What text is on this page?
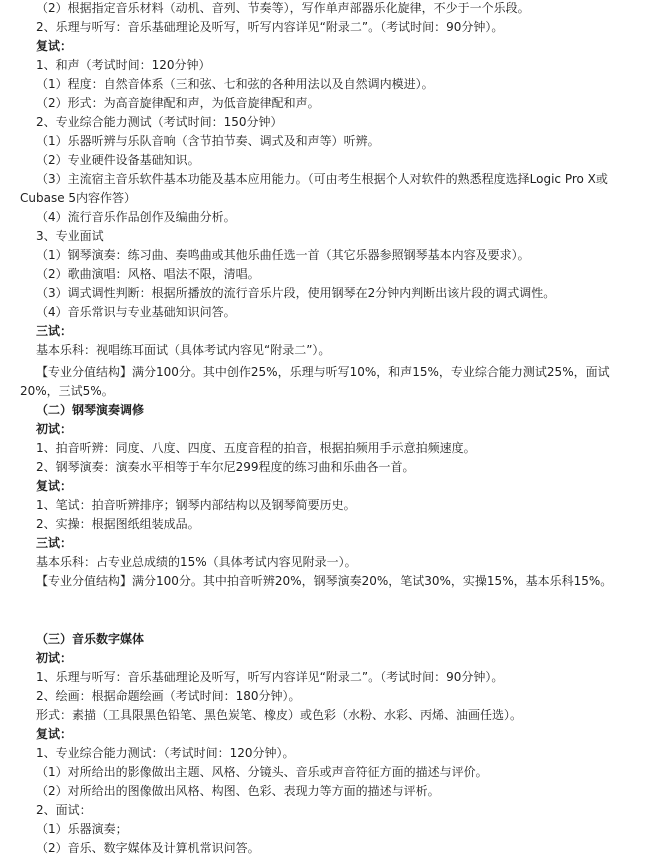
（2）根据指定音乐材料（动机、音列、节奏等），写作单声部器乐化旋律，不少于一个乐段。
2、乐理与听写：音乐基础理论及听写，听写内容详见“附录二”。（考试时间：90分钟）。
复试：
1、和声（考试时间：120分钟）
（1）程度：自然音体系（三和弦、七和弦的各种用法以及自然调内模进）。
（2）形式：为高音旋律配和声，为低音旋律配和声。
2、专业综合能力测试（考试时间：150分钟）
（1）乐器听辨与乐队音响（含节拍节奏、调式及和声等）听辨。
（2）专业硬件设备基础知识。
（3）主流宿主音乐软件基本功能及基本应用能力。（可由考生根据个人对软件的熟悉程度选择Logic Pro X或
Cubase 5内容作答）
（4）流行音乐作品创作及编曲分析。
3、专业面试
（1）钢琴演奏：练习曲、奏鸣曲或其他乐曲任选一首（其它乐器参照钢琴基本内容及要求）。
（2）歌曲演唱：风格、唱法不限，清唱。
（3）调式调性判断：根据所播放的流行音乐片段，使用钢琴在2分钟内判断出该片段的调式调性。
（4）音乐常识与专业基础知识问答。
三试：
基本乐科：视唱练耳面试（具体考试内容见“附录二”）。
【专业分值结构】满分100分。其中创作25%，乐理与听写10%，和声15%，专业综合能力测试25%，面试
20%，三试5%。
（二）钢琴演奏调修
初试：
1、拍音听辨：同度、八度、四度、五度音程的拍音，根据拍频用手示意拍频速度。
2、钢琴演奏：演奏水平相等于车尔尼299程度的练习曲和乐曲各一首。
复试：
1、笔试：拍音听辨排序；钢琴内部结构以及钢琴简要历史。
2、实操：根据图纸组装成品。
三试：
基本乐科：占专业总成绩的15%（具体考试内容见附录一）。
【专业分值结构】满分100分。其中拍音听辨20%，钢琴演奏20%，笔试30%，实操15%，基本乐科15%。
（三）音乐数字媒体
初试：
1、乐理与听写：音乐基础理论及听写，听写内容详见“附录二”。（考试时间：90分钟）。
2、绘画：根据命题绘画（考试时间：180分钟）。
形式：素描（工具限黑色铅笔、黑色炭笔、橡皮）或色彩（水粉、水彩、丙烯、油画任选）。
复试：
1、专业综合能力测试：（考试时间：120分钟）。
（1）对所给出的影像做出主题、风格、分镜头、音乐或声音符征方面的描述与评价。
（2）对所给出的图像做出风格、构图、色彩、表现力等方面的描述与评析。
2、面试：
（1）乐器演奏；
（2）音乐、数字媒体及计算机常识问答。
